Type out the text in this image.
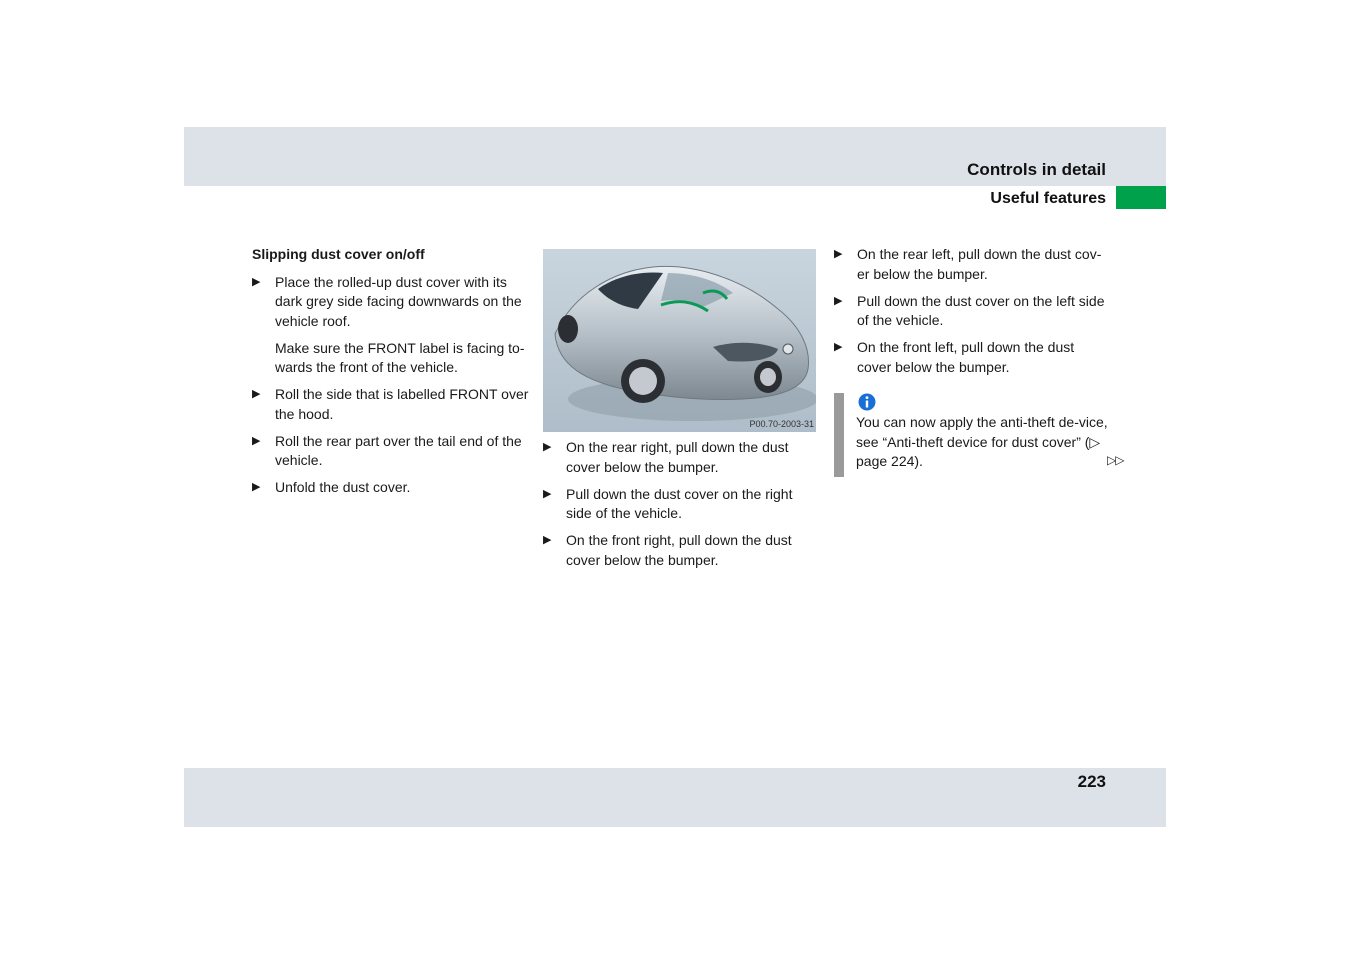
Controls in detail
Useful features

Slipping dust cover on/off

▶ Place the rolled-up dust cover with its dark grey side facing downwards on the vehicle roof.

Make sure the FRONT label is facing to-wards the front of the vehicle.

▶ Roll the side that is labelled FRONT over the hood.
▶ Roll the rear part over the tail end of the vehicle.
▶ Unfold the dust cover.
P00.70-2003-31
▶ On the rear right, pull down the dust cover below the bumper.
▶ Pull down the dust cover on the right side of the vehicle.
▶ On the front right, pull down the dust cover below the bumper.
▶ On the rear left, pull down the dust cov-er below the bumper.
▶ Pull down the dust cover on the left side of the vehicle.
▶ On the front left, pull down the dust cover below the bumper.
You can now apply the anti-theft de-vice, see “Anti-theft device for dust cover” (▷ page 224).	▷▷
223
